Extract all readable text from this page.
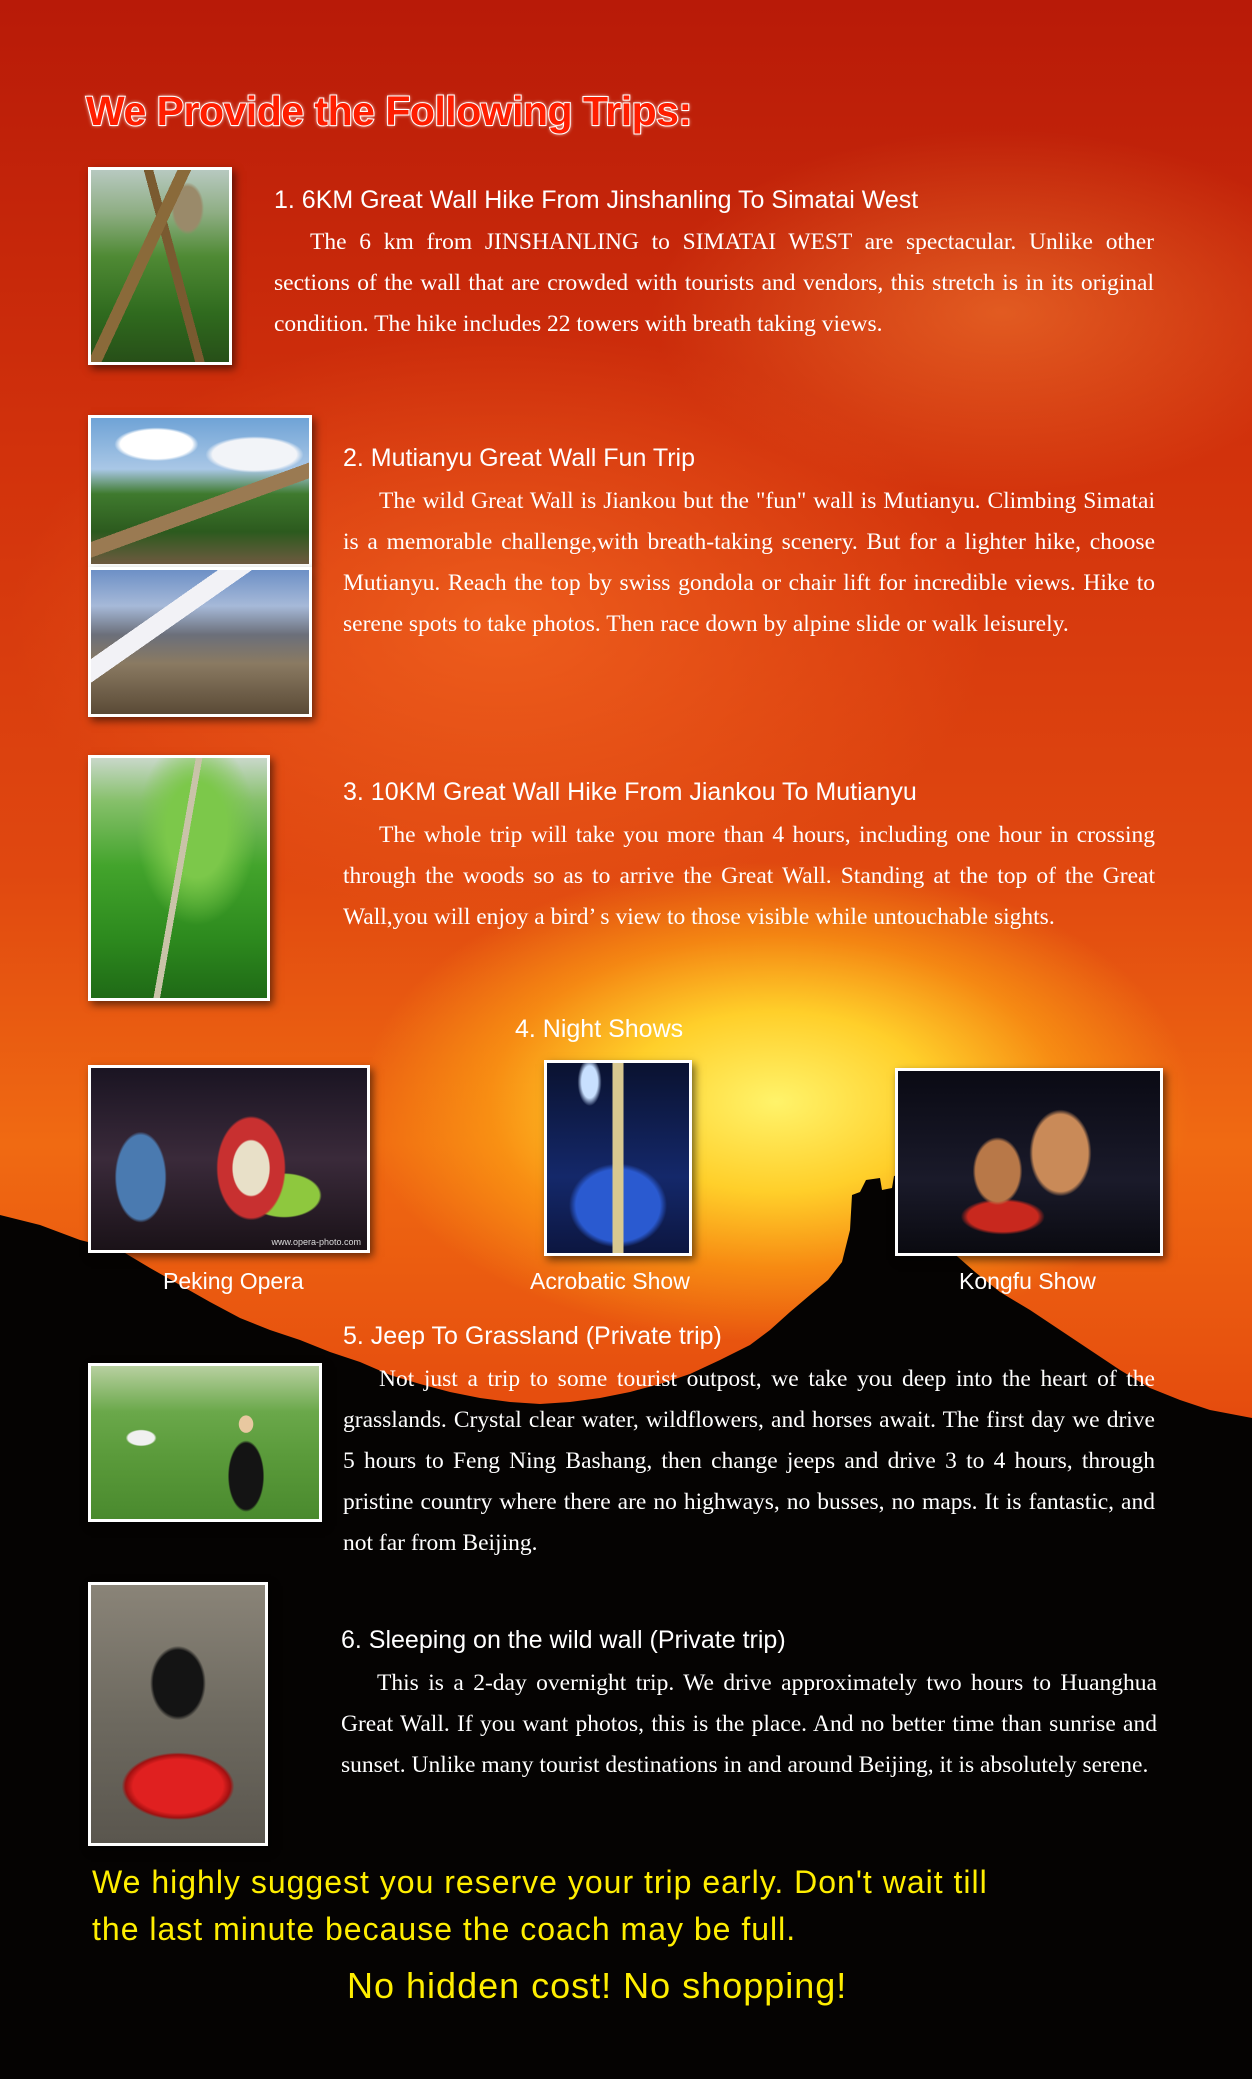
We Provide the Following Trips:
1. 6KM Great Wall Hike From Jinshanling To Simatai West

The 6 km from JINSHANLING to SIMATAI WEST are spectacular. Unlike other sections of the wall that are crowded with tourists and vendors, this stretch is in its original condition. The hike includes 22 towers with breath taking views.

2. Mutianyu Great Wall Fun Trip

The wild Great Wall is Jiankou but the "fun" wall is Mutianyu. Climbing Simatai is a memorable challenge,with breath-taking scenery. But for a lighter hike, choose Mutianyu. Reach the top by swiss gondola or chair lift for incredible views. Hike to serene spots to take photos. Then race down by alpine slide or walk leisurely.

3. 10KM Great Wall Hike From Jiankou To Mutianyu

The whole trip will take you more than 4 hours, including one hour in crossing through the woods so as to arrive the Great Wall. Standing at the top of the Great Wall,you will enjoy a bird’ s view to those visible while untouchable sights.

4. Night Shows
www.opera-photo.com
Peking Opera	Acrobatic Show	Kongfu Show
5. Jeep To Grassland (Private trip)

Not just a trip to some tourist outpost, we take you deep into the heart of the grasslands. Crystal clear water, wildflowers, and horses await. The first day we drive 5 hours to Feng Ning Bashang, then change jeeps and drive 3 to 4 hours, through pristine country where there are no highways, no busses, no maps. It is fantastic, and not far from Beijing.

6. Sleeping on the wild wall (Private trip)

This is a 2-day overnight trip. We drive approximately two hours to Huanghua Great Wall. If you want photos, this is the place. And no better time than sunrise and sunset. Unlike many tourist destinations in and around Beijing, it is absolutely serene.

We highly suggest you reserve your trip early. Don't wait till
the last minute because the coach may be full.
No hidden cost! No shopping!
